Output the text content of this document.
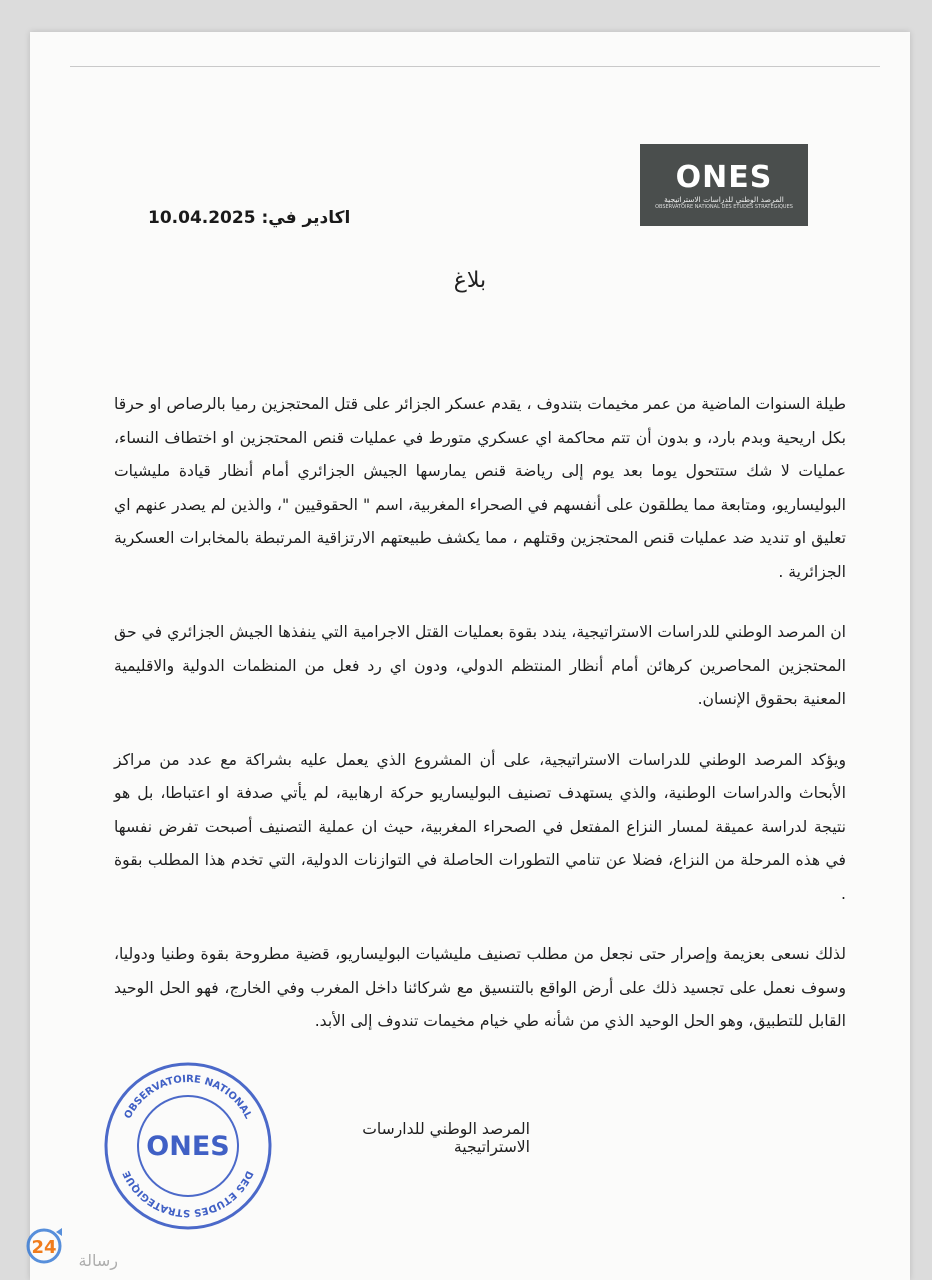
ONES
المرصد الوطني للدراسات الاستراتيجية
OBSERVATOIRE NATIONAL DES ETUDES STRATEGIQUES
اكادير في: 10.04.2025
بلاغ

طيلة السنوات الماضية من عمر مخيمات بتندوف ، يقدم عسكر الجزائر على قتل المحتجزين رميا بالرصاص او حرقا بكل اريحية وبدم بارد، و بدون أن تتم محاكمة اي عسكري متورط في عمليات قنص المحتجزين او اختطاف النساء، عمليات لا شك ستتحول يوما بعد يوم إلى رياضة قنص يمارسها الجيش الجزائري أمام أنظار قيادة مليشيات البوليساريو، ومتابعة مما يطلقون على أنفسهم في الصحراء المغربية، اسم " الحقوقيين "، والذين لم يصدر عنهم اي تعليق او تنديد ضد عمليات قنص المحتجزين وقتلهم ، مما يكشف طبيعتهم الارتزاقية المرتبطة بالمخابرات العسكرية الجزائرية .

ان المرصد الوطني للدراسات الاستراتيجية، يندد بقوة بعمليات القتل الاجرامية التي ينفذها الجيش الجزائري في حق المحتجزين المحاصرين كرهائن أمام أنظار المنتظم الدولي، ودون اي رد فعل من المنظمات الدولية والاقليمية المعنية بحقوق الإنسان.

ويؤكد المرصد الوطني للدراسات الاستراتيجية، على أن المشروع الذي يعمل عليه بشراكة مع عدد من مراكز الأبحاث والدراسات الوطنية، والذي يستهدف تصنيف البوليساريو حركة ارهابية، لم يأتي صدفة او اعتباطا، بل هو نتيجة لدراسة عميقة لمسار النزاع المفتعل في الصحراء المغربية، حيث ان عملية التصنيف أصبحت تفرض نفسها في هذه المرحلة من النزاع، فضلا عن تنامي التطورات الحاصلة في التوازنات الدولية، التي تخدم هذا المطلب بقوة .

لذلك نسعى بعزيمة وإصرار حتى نجعل من مطلب تصنيف مليشيات البوليساريو، قضية مطروحة بقوة وطنيا ودوليا، وسوف نعمل على تجسيد ذلك على أرض الواقع بالتنسيق مع شركائنا داخل المغرب وفي الخارج، فهو الحل الوحيد القابل للتطبيق، وهو الحل الوحيد الذي من شأنه طي خيام مخيمات تندوف إلى الأبد.

المرصد الوطني للدارسات الاستراتيجية
OBSERVATOIRE NATIONAL
DES ETUDES STRATEGIQUE
ONES
24
رسالة
